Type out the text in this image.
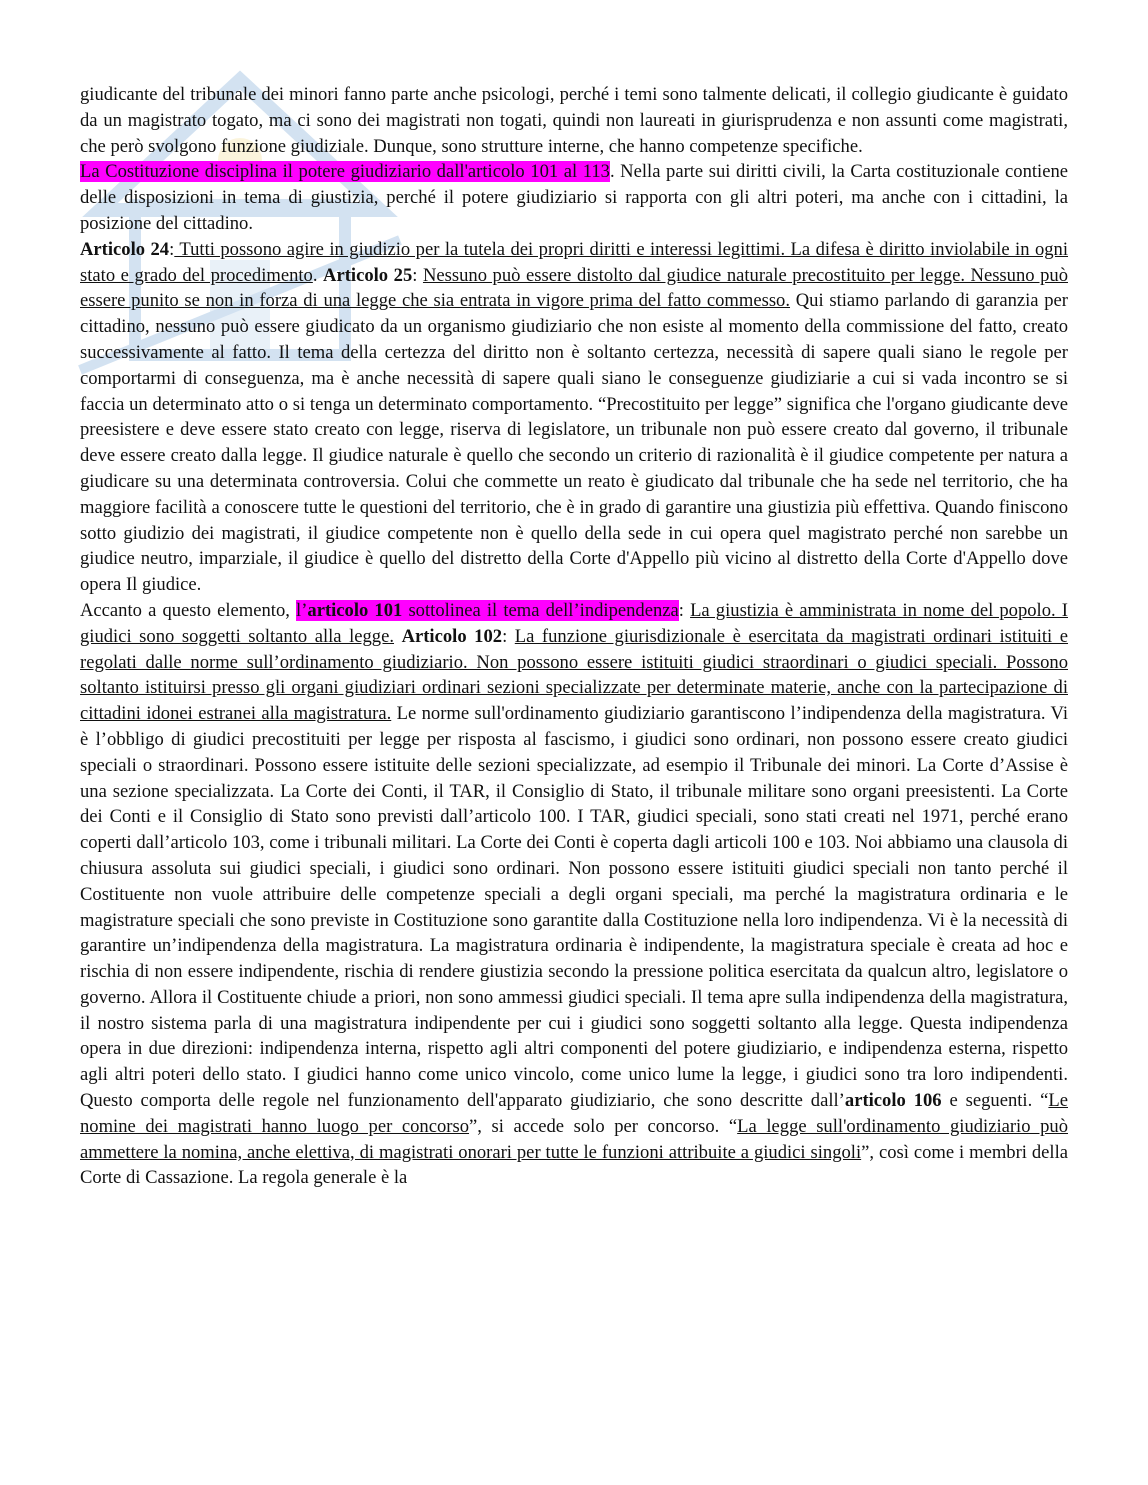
giudicante del tribunale dei minori fanno parte anche psicologi, perché i temi sono talmente delicati, il collegio giudicante è guidato da un magistrato togato, ma ci sono dei magistrati non togati, quindi non laureati in giurisprudenza e non assunti come magistrati, che però svolgono funzione giudiziale. Dunque, sono strutture interne, che hanno competenze specifiche.

La Costituzione disciplina il potere giudiziario dall'articolo 101 al 113. Nella parte sui diritti civili, la Carta costituzionale contiene delle disposizioni in tema di giustizia, perché il potere giudiziario si rapporta con gli altri poteri, ma anche con i cittadini, la posizione del cittadino.

Articolo 24: Tutti possono agire in giudizio per la tutela dei propri diritti e interessi legittimi. La difesa è diritto inviolabile in ogni stato e grado del procedimento. Articolo 25: Nessuno può essere distolto dal giudice naturale precostituito per legge. Nessuno può essere punito se non in forza di una legge che sia entrata in vigore prima del fatto commesso. Qui stiamo parlando di garanzia per cittadino, nessuno può essere giudicato da un organismo giudiziario che non esiste al momento della commissione del fatto, creato successivamente al fatto. Il tema della certezza del diritto non è soltanto certezza, necessità di sapere quali siano le regole per comportarmi di conseguenza, ma è anche necessità di sapere quali siano le conseguenze giudiziarie a cui si vada incontro se si faccia un determinato atto o si tenga un determinato comportamento. “Precostituito per legge” significa che l'organo giudicante deve preesistere e deve essere stato creato con legge, riserva di legislatore, un tribunale non può essere creato dal governo, il tribunale deve essere creato dalla legge. Il giudice naturale è quello che secondo un criterio di razionalità è il giudice competente per natura a giudicare su una determinata controversia. Colui che commette un reato è giudicato dal tribunale che ha sede nel territorio, che ha maggiore facilità a conoscere tutte le questioni del territorio, che è in grado di garantire una giustizia più effettiva. Quando finiscono sotto giudizio dei magistrati, il giudice competente non è quello della sede in cui opera quel magistrato perché non sarebbe un giudice neutro, imparziale, il giudice è quello del distretto della Corte d'Appello più vicino al distretto della Corte d'Appello dove opera Il giudice.

Accanto a questo elemento, l’articolo 101 sottolinea il tema dell’indipendenza: La giustizia è amministrata in nome del popolo. I giudici sono soggetti soltanto alla legge. Articolo 102: La funzione giurisdizionale è esercitata da magistrati ordinari istituiti e regolati dalle norme sull’ordinamento giudiziario. Non possono essere istituiti giudici straordinari o giudici speciali. Possono soltanto istituirsi presso gli organi giudiziari ordinari sezioni specializzate per determinate materie, anche con la partecipazione di cittadini idonei estranei alla magistratura. Le norme sull'ordinamento giudiziario garantiscono l’indipendenza della magistratura. Vi è l’obbligo di giudici precostituiti per legge per risposta al fascismo, i giudici sono ordinari, non possono essere creato giudici speciali o straordinari. Possono essere istituite delle sezioni specializzate, ad esempio il Tribunale dei minori. La Corte d’Assise è una sezione specializzata. La Corte dei Conti, il TAR, il Consiglio di Stato, il tribunale militare sono organi preesistenti. La Corte dei Conti e il Consiglio di Stato sono previsti dall’articolo 100. I TAR, giudici speciali, sono stati creati nel 1971, perché erano coperti dall’articolo 103, come i tribunali militari. La Corte dei Conti è coperta dagli articoli 100 e 103. Noi abbiamo una clausola di chiusura assoluta sui giudici speciali, i giudici sono ordinari. Non possono essere istituiti giudici speciali non tanto perché il Costituente non vuole attribuire delle competenze speciali a degli organi speciali, ma perché la magistratura ordinaria e le magistrature speciali che sono previste in Costituzione sono garantite dalla Costituzione nella loro indipendenza. Vi è la necessità di garantire un’indipendenza della magistratura. La magistratura ordinaria è indipendente, la magistratura speciale è creata ad hoc e rischia di non essere indipendente, rischia di rendere giustizia secondo la pressione politica esercitata da qualcun altro, legislatore o governo. Allora il Costituente chiude a priori, non sono ammessi giudici speciali. Il tema apre sulla indipendenza della magistratura, il nostro sistema parla di una magistratura indipendente per cui i giudici sono soggetti soltanto alla legge. Questa indipendenza opera in due direzioni: indipendenza interna, rispetto agli altri componenti del potere giudiziario, e indipendenza esterna, rispetto agli altri poteri dello stato. I giudici hanno come unico vincolo, come unico lume la legge, i giudici sono tra loro indipendenti. Questo comporta delle regole nel funzionamento dell'apparato giudiziario, che sono descritte dall’articolo 106 e seguenti. “Le nomine dei magistrati hanno luogo per concorso”, si accede solo per concorso. “La legge sull'ordinamento giudiziario può ammettere la nomina, anche elettiva, di magistrati onorari per tutte le funzioni attribuite a giudici singoli”, così come i membri della Corte di Cassazione. La regola generale è la
